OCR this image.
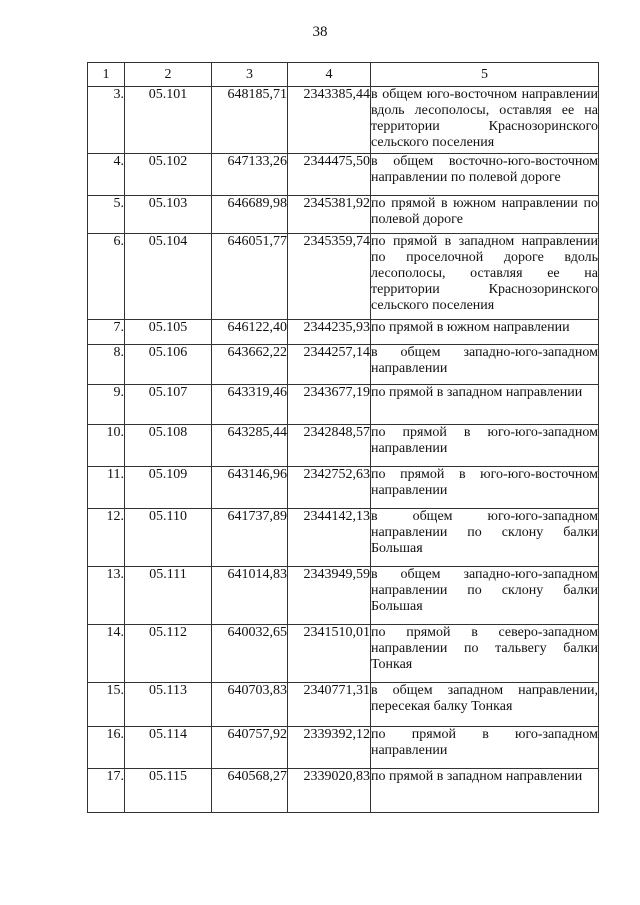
38
1	2	3	4	5
3.	05.101	648185,71	2343385,44	в общем юго-восточном направлении вдоль лесополосы, оставляя ее на территории Краснозоринского сельского поселения
4.	05.102	647133,26	2344475,50	в общем восточно-юго-восточном направлении по полевой дороге
5.	05.103	646689,98	2345381,92	по прямой в южном направлении по полевой дороге
6.	05.104	646051,77	2345359,74	по прямой в западном направлении по проселочной дороге вдоль лесополосы, оставляя ее на территории Краснозоринского сельского поселения
7.	05.105	646122,40	2344235,93	по прямой в южном направлении
8.	05.106	643662,22	2344257,14	в общем западно-юго-западном направлении
9.	05.107	643319,46	2343677,19	по прямой в западном направлении
10.	05.108	643285,44	2342848,57	по прямой в юго-юго-западном направлении
11.	05.109	643146,96	2342752,63	по прямой в юго-юго-восточном направлении
12.	05.110	641737,89	2344142,13	в общем юго-юго-западном направлении по склону балки Большая
13.	05.111	641014,83	2343949,59	в общем западно-юго-западном направлении по склону балки Большая
14.	05.112	640032,65	2341510,01	по прямой в северо-западном направлении по тальвегу балки Тонкая
15.	05.113	640703,83	2340771,31	в общем западном направлении, пересекая балку Тонкая
16.	05.114	640757,92	2339392,12	по прямой в юго-западном направлении
17.	05.115	640568,27	2339020,83	по прямой в западном направлении
